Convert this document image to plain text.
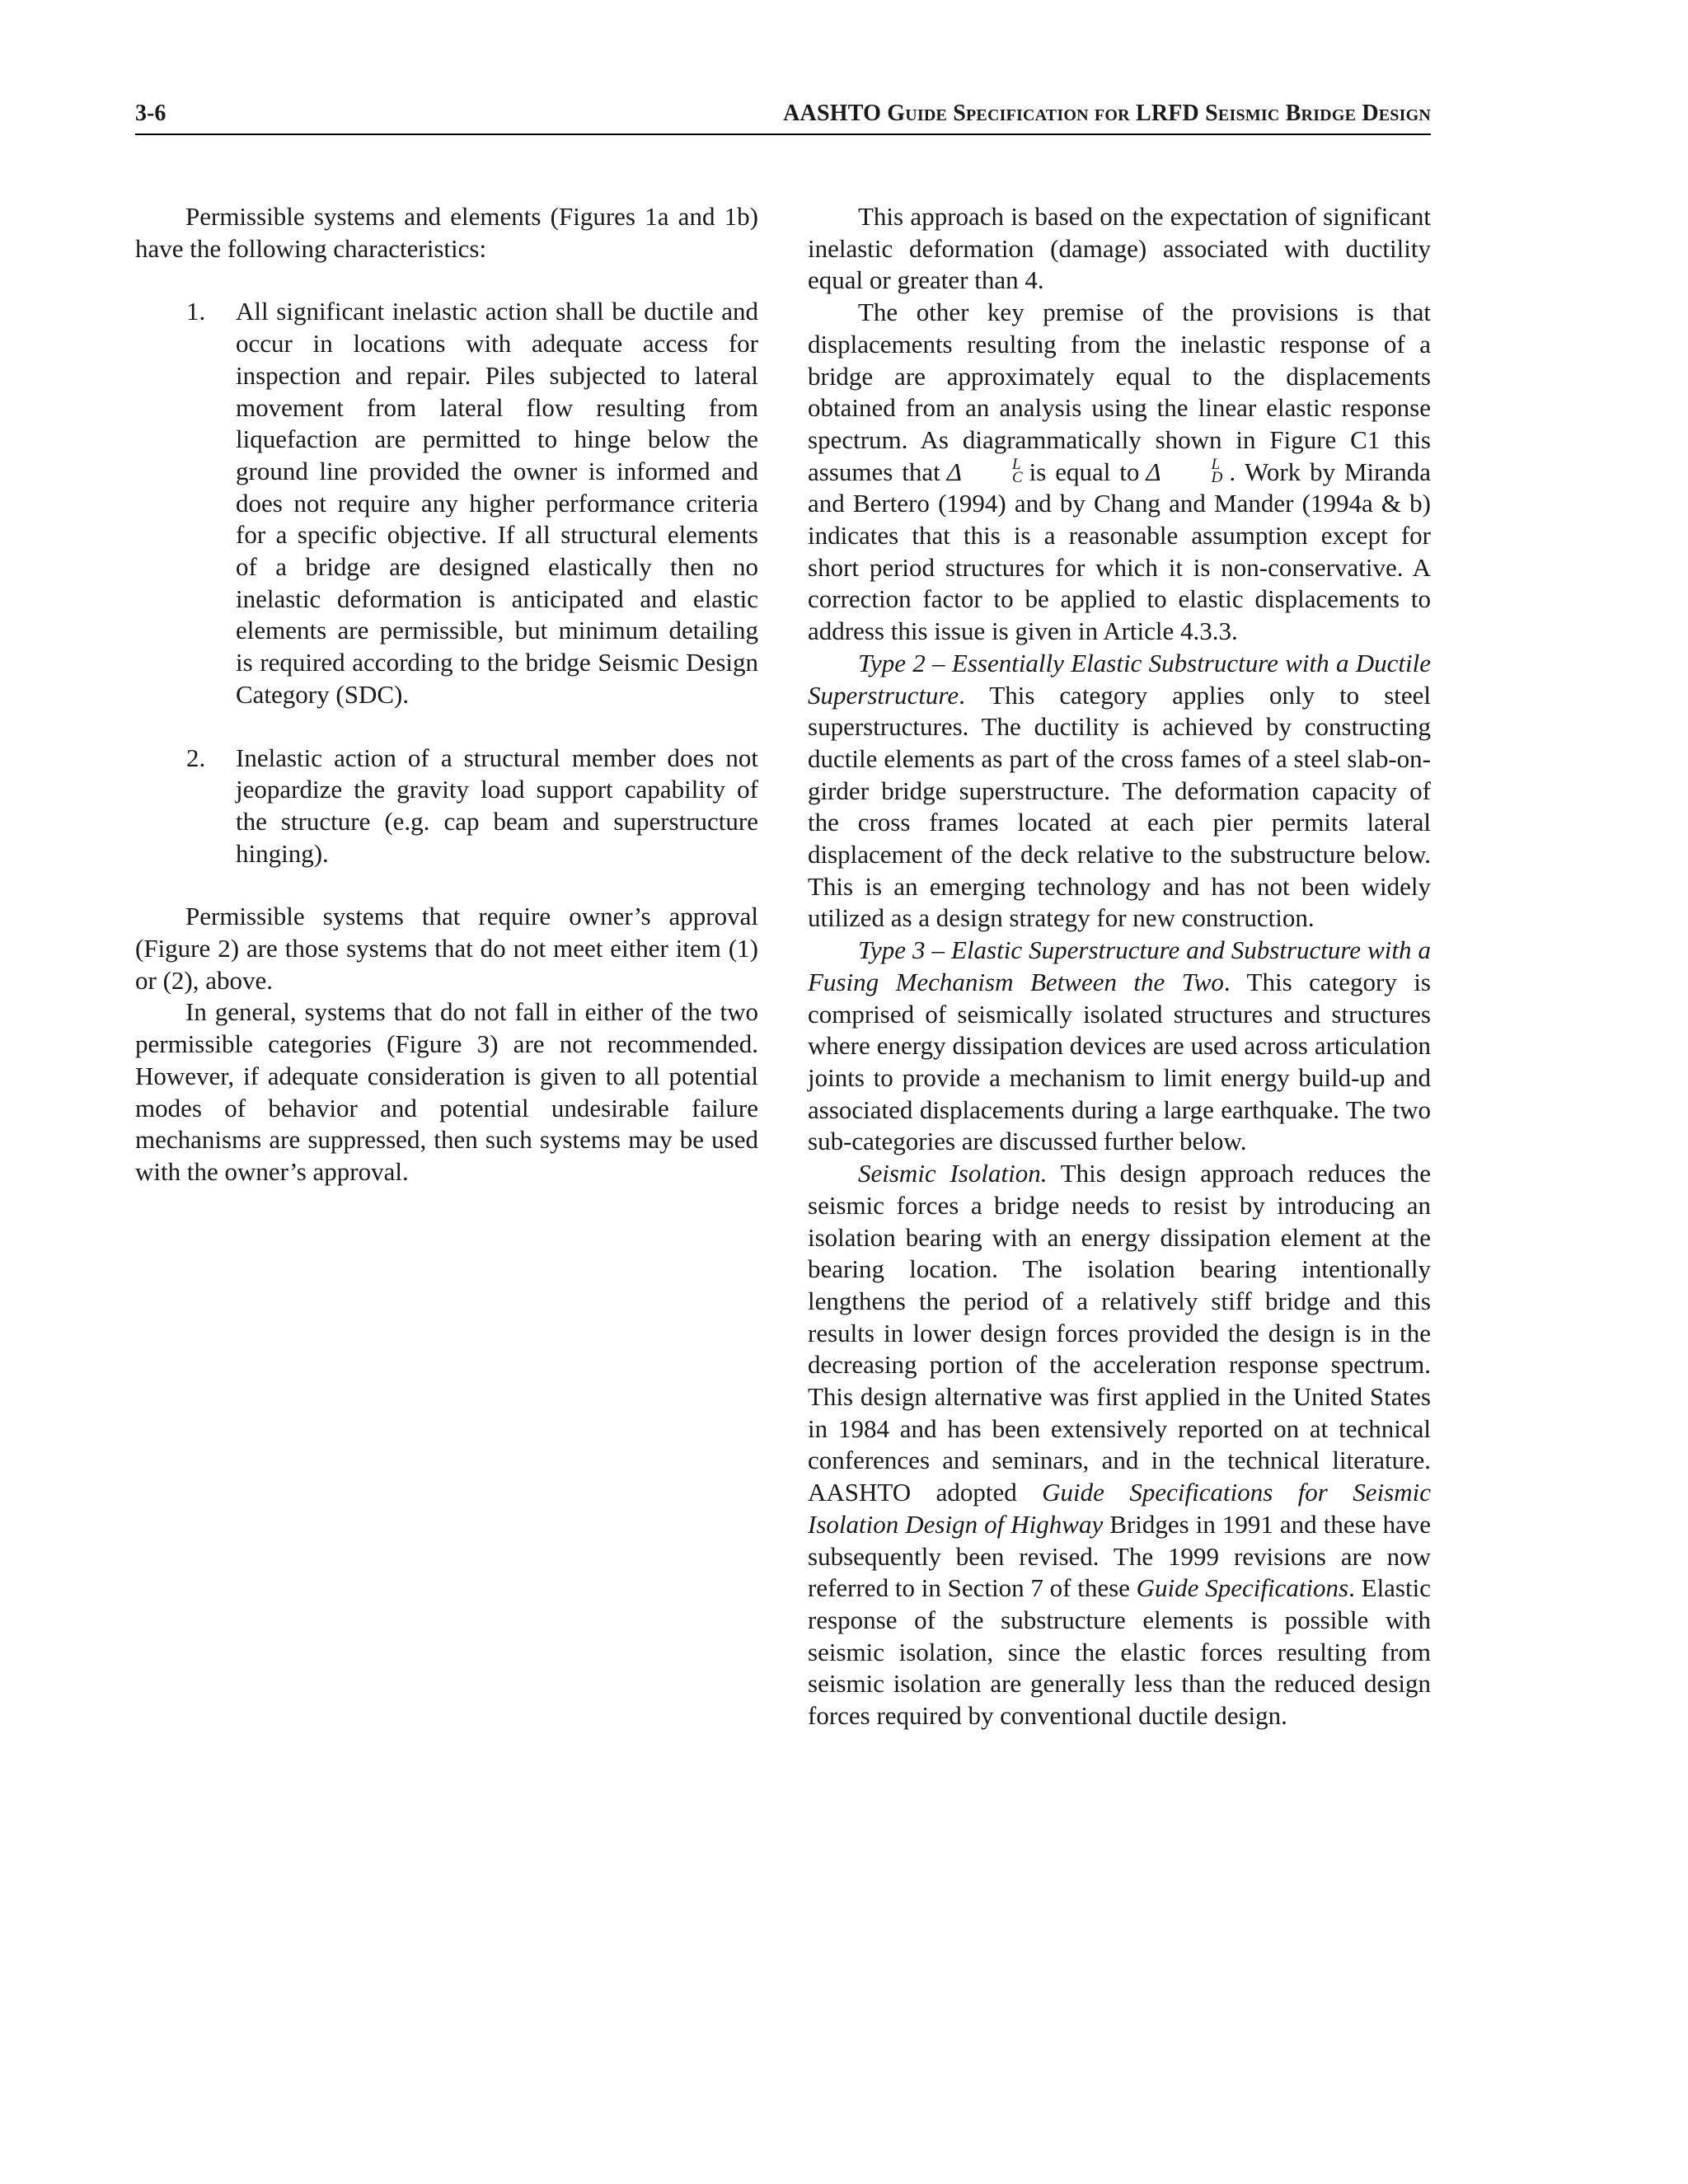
3-6	AASHTO Guide Specification for LRFD Seismic Bridge Design

Permissible systems and elements (Figures 1a and 1b) have the following characteristics:

1. All significant inelastic action shall be ductile and occur in locations with adequate access for inspection and repair. Piles subjected to lateral movement from lateral flow resulting from liquefaction are permitted to hinge below the ground line provided the owner is informed and does not require any higher performance criteria for a specific objective. If all structural elements of a bridge are designed elastically then no inelastic deformation is anticipated and elastic elements are permissible, but minimum detailing is required according to the bridge Seismic Design Category (SDC).
2. Inelastic action of a structural member does not jeopardize the gravity load support capability of the structure (e.g. cap beam and superstructure hinging).

Permissible systems that require owner’s approval (Figure 2) are those systems that do not meet either item (1) or (2), above.

In general, systems that do not fall in either of the two permissible categories (Figure 3) are not recommended. However, if adequate consideration is given to all potential modes of behavior and potential undesirable failure mechanisms are suppressed, then such systems may be used with the owner’s approval.

This approach is based on the expectation of significant inelastic deformation (damage) associated with ductility equal or greater than 4.

The other key premise of the provisions is that displacements resulting from the inelastic response of a bridge are approximately equal to the displacements obtained from an analysis using the linear elastic response spectrum. As diagrammatically shown in Figure C1 this assumes that Δ	L
C is equal to Δ	L
D . Work by Miranda and Bertero (1994) and by Chang and Mander (1994a & b) indicates that this is a reasonable assumption except for short period structures for which it is non-conservative. A correction factor to be applied to elastic displacements to address this issue is given in Article 4.3.3.

Type 2 – Essentially Elastic Substructure with a Ductile Superstructure. This category applies only to steel superstructures. The ductility is achieved by constructing ductile elements as part of the cross fames of a steel slab-on-girder bridge superstructure. The deformation capacity of the cross frames located at each pier permits lateral displacement of the deck relative to the substructure below. This is an emerging technology and has not been widely utilized as a design strategy for new construction.

Type 3 – Elastic Superstructure and Substructure with a Fusing Mechanism Between the Two. This category is comprised of seismically isolated structures and structures where energy dissipation devices are used across articulation joints to provide a mechanism to limit energy build-up and associated displacements during a large earthquake. The two sub-categories are discussed further below.

Seismic Isolation. This design approach reduces the seismic forces a bridge needs to resist by introducing an isolation bearing with an energy dissipation element at the bearing location. The isolation bearing intentionally lengthens the period of a relatively stiff bridge and this results in lower design forces provided the design is in the decreasing portion of the acceleration response spectrum. This design alternative was first applied in the United States in 1984 and has been extensively reported on at technical conferences and seminars, and in the technical literature. AASHTO adopted Guide Specifications for Seismic Isolation Design of Highway Bridges in 1991 and these have subsequently been revised. The 1999 revisions are now referred to in Section 7 of these Guide Specifications. Elastic response of the substructure elements is possible with seismic isolation, since the elastic forces resulting from seismic isolation are generally less than the reduced design forces required by conventional ductile design.
